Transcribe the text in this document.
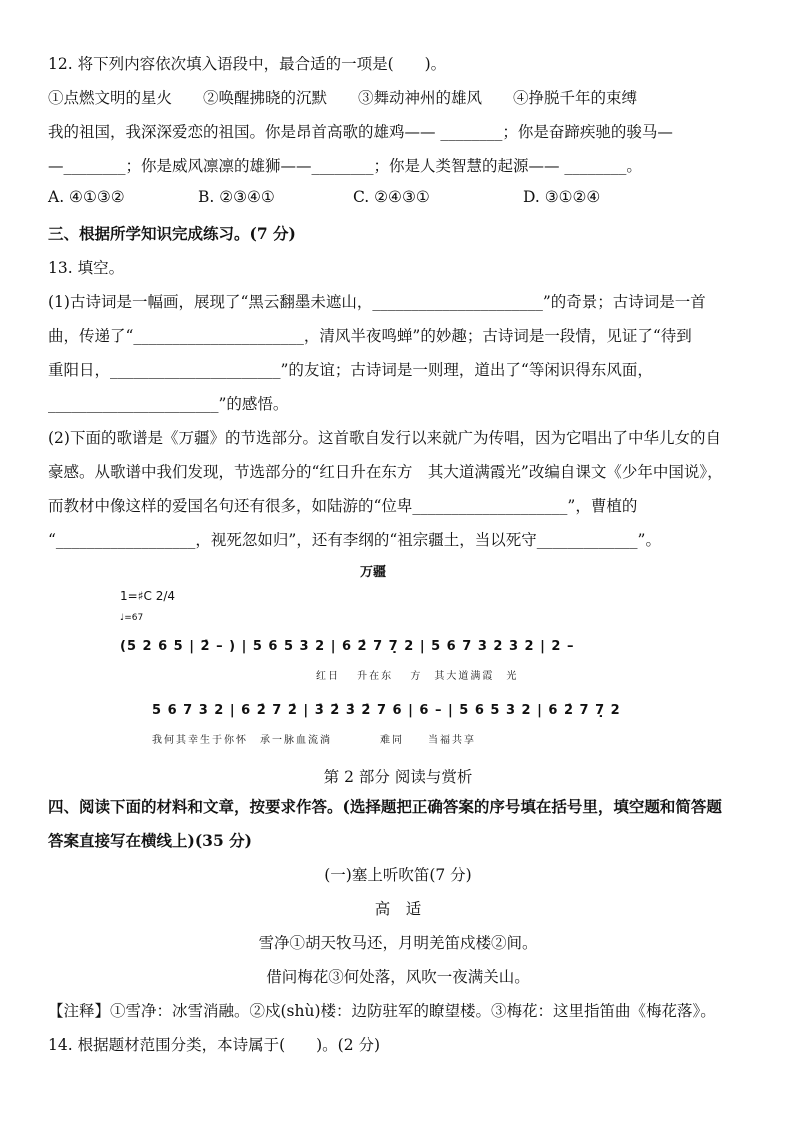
12. 将下列内容依次填入语段中，最合适的一项是(　　)。
①点燃文明的星火　　②唤醒拂晓的沉默　　③舞动神州的雄风　　④挣脱千年的束缚
我的祖国，我深深爱恋的祖国。你是昂首高歌的雄鸡—— ________；你是奋蹄疾驰的骏马—
—________；你是威风凛凛的雄狮——________；你是人类智慧的起源—— ________。
A. ④①③②	B. ②③④①	C. ②④③①	D. ③①②④
三、根据所学知识完成练习。(7 分)
13. 填空。
(1)古诗词是一幅画，展现了“黑云翻墨未遮山，______________________”的奇景；古诗词是一首
曲，传递了“______________________，清风半夜鸣蝉”的妙趣；古诗词是一段情，见证了“待到
重阳日，______________________”的友谊；古诗词是一则理，道出了“等闲识得东风面，
______________________”的感悟。
(2)下面的歌谱是《万疆》的节选部分。这首歌自发行以来就广为传唱，因为它唱出了中华儿女的自
豪感。从歌谱中我们发现，节选部分的“红日升在东方　其大道满霞光”改编自课文《少年中国说》，
而教材中像这样的爱国名句还有很多，如陆游的“位卑____________________”，曹植的
“__________________，视死忽如归”，还有李纲的“祖宗疆土，当以死守_____________”。
万疆
1=♯C 2/4
♩=67
(5 2 6 5 | 2̇ – ) | 5 6 5 3 2 | 6 2̇ 7 7̣ 2 | 5 6 7 3 2 3 2 | 2 –
红日　 升在东　 方　其大道满霞　光
5 6 7 3 2 | 6 2̇ 7 2̇ | 3̇ 2̇ 3̇ 2̇ 7 6 | 6 – | 5 6 5 3 2 | 6 2̇ 7 7̣ 2
我何其幸生于你怀　承一脉血流淌　　　　难同　　当福共享
第 2 部分 阅读与赏析
四、阅读下面的材料和文章，按要求作答。(选择题把正确答案的序号填在括号里，填空题和简答题
答案直接写在横线上)(35 分)
(一)塞上听吹笛(7 分)
高　适
雪净①胡天牧马还，月明羌笛戍楼②间。
借问梅花③何处落，风吹一夜满关山。
【注释】①雪净：冰雪消融。②戍(shù)楼：边防驻军的瞭望楼。③梅花：这里指笛曲《梅花落》。
14. 根据题材范围分类，本诗属于(　　)。(2 分)
